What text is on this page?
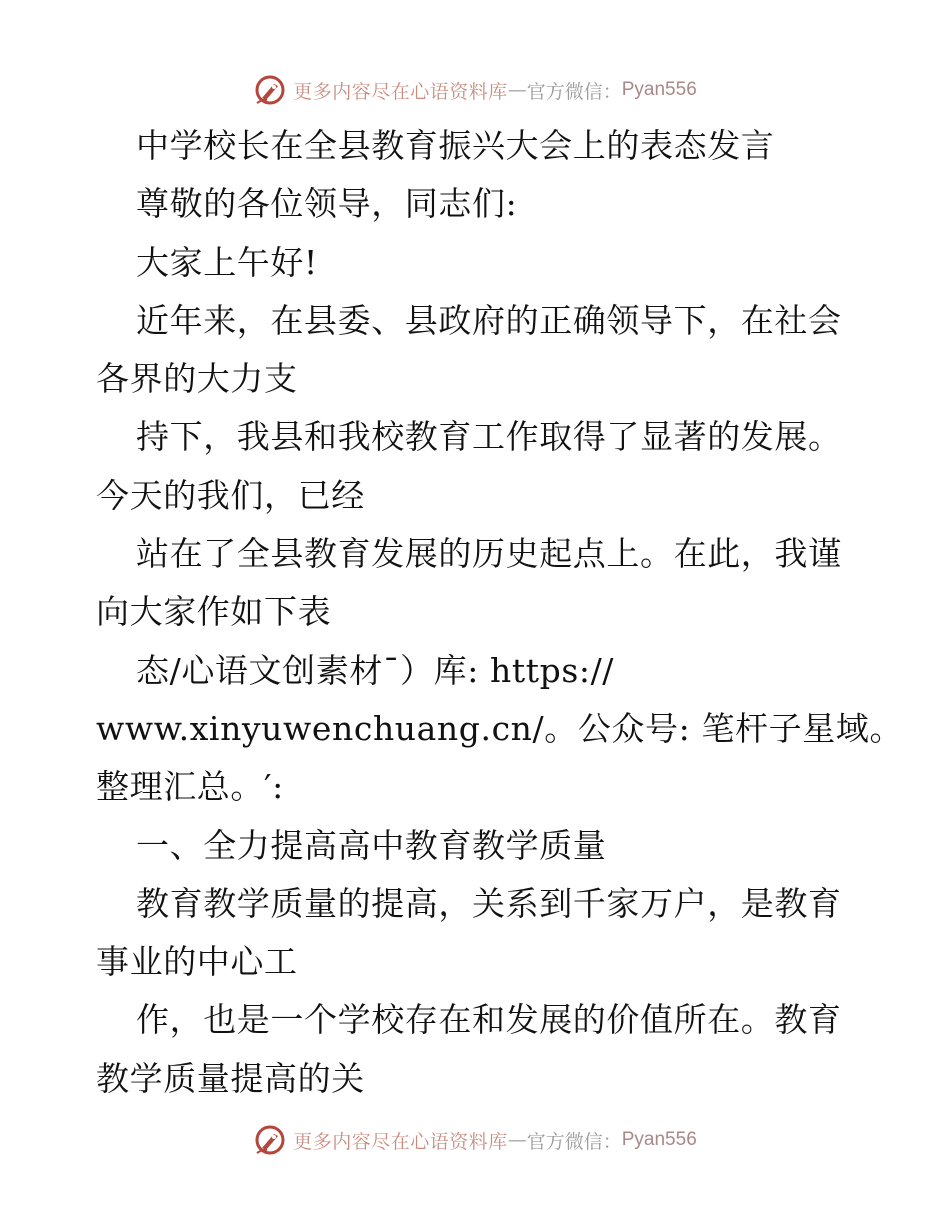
更多内容尽在心语资料库 — 官方微信： Pyan556
中学校长在全县教育振兴大会上的表态发言
尊敬的各位领导，同志们:
大家上午好!
近年来，在县委、县政府的正确领导下，在社会
各界的大力支
持下，我县和我校教育工作取得了显著的发展。
今天的我们，已经
站在了全县教育发展的历史起点上。在此，我谨
向大家作如下表
态/心语文创素材¯）库: https://
www.xinyuwenchuang.cn/。公众号: 笔杆子星域。
整理汇总。′:
一、全力提高高中教育教学质量
教育教学质量的提高，关系到千家万户，是教育
事业的中心工
作，也是一个学校存在和发展的价值所在。教育
教学质量提高的关
更多内容尽在心语资料库 — 官方微信： Pyan556
